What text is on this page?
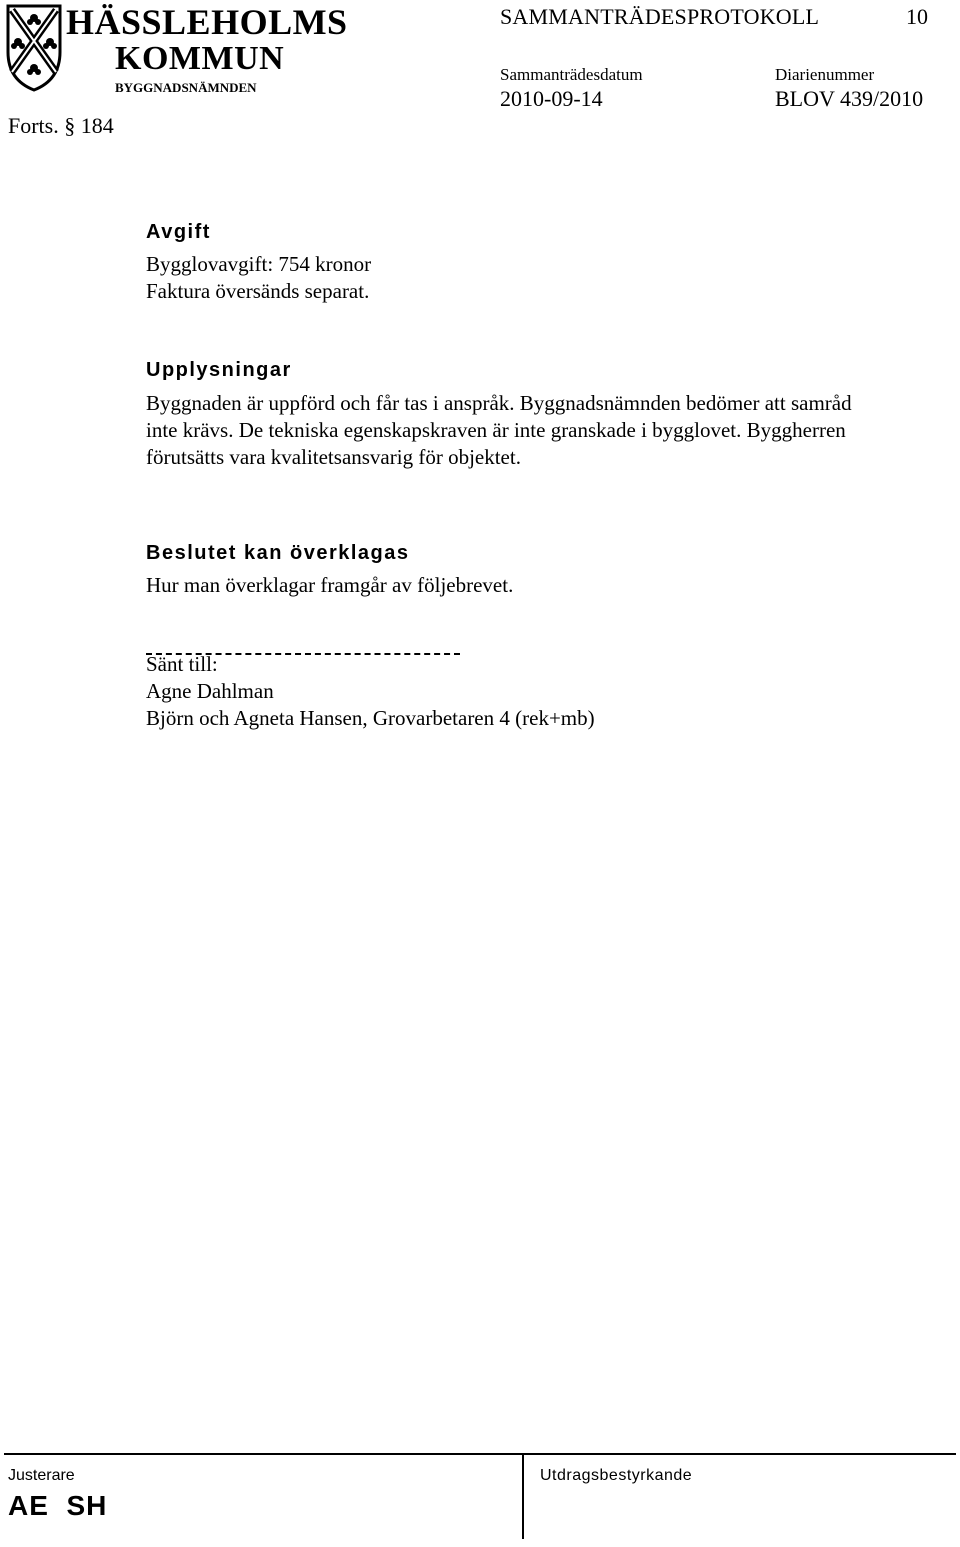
HÄSSLEHOLMS
KOMMUN
BYGGNADSNÄMNDEN
Forts. § 184
SAMMANTRÄDESPROTOKOLL	10
Sammanträdesdatum
2010-09-14
Diarienummer
BLOV 439/2010
Avgift
Bygglovavgift: 754 kronor
Faktura översänds separat.
Upplysningar
Byggnaden är uppförd och får tas i anspråk. Byggnadsnämnden bedömer att samråd
inte krävs. De tekniska egenskapskraven är inte granskade i bygglovet. Byggherren
förutsätts vara kvalitetsansvarig för objektet.
Beslutet kan överklagas
Hur man överklagar framgår av följebrevet.
Sänt till:
Agne Dahlman
Björn och Agneta Hansen, Grovarbetaren 4 (rek+mb)
Justerare
AE  SH
Utdragsbestyrkande
